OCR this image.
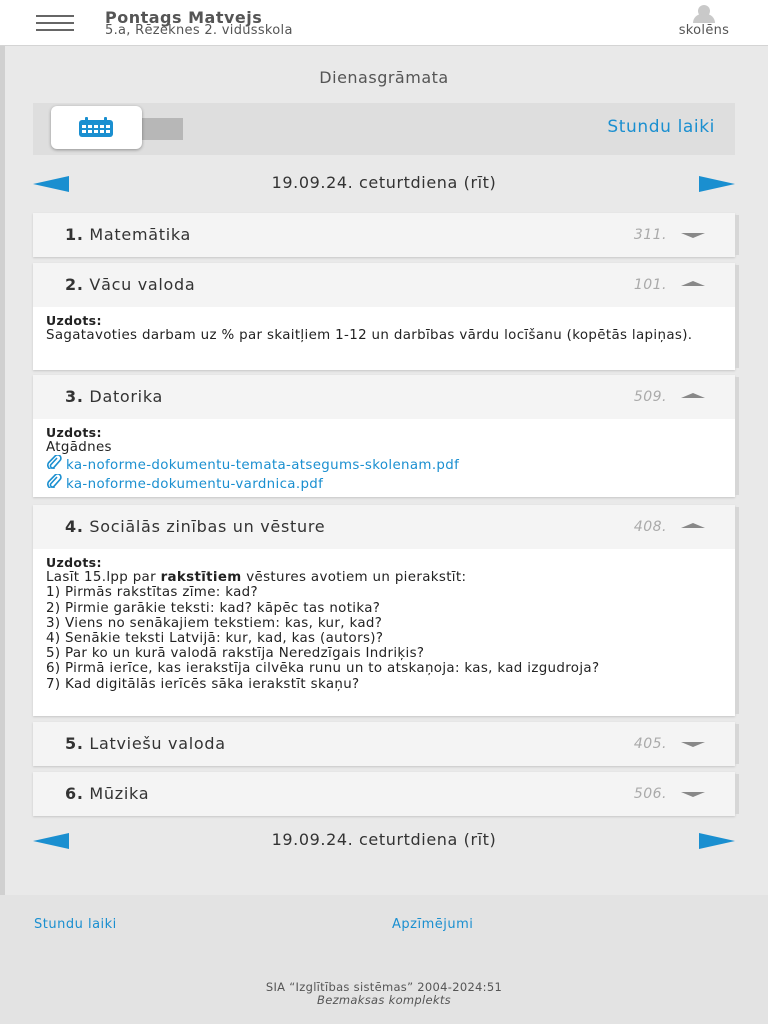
Pontags Matvejs
5.a, Rēzeknes 2. vidusskola	skolēns
Dienasgrāmata
Stundu laiki
19.09.24. ceturtdiena (rīt)
1. Matemātika	311.
2. Vācu valoda	101.
Uzdots:
Sagatavoties darbam uz % par skaitļiem 1-12 un darbības vārdu locīšanu (kopētās lapiņas).
3. Datorika	509.
Uzdots:
Atgādnes
ka-noforme-dokumentu-temata-atsegums-skolenam.pdf
ka-noforme-dokumentu-vardnica.pdf
4. Sociālās zinības un vēsture	408.
Uzdots:
Lasīt 15.lpp par rakstītiem vēstures avotiem un pierakstīt:
1) Pirmās rakstītas zīme: kad?
2) Pirmie garākie teksti: kad? kāpēc tas notika?
3) Viens no senākajiem tekstiem: kas, kur, kad?
4) Senākie teksti Latvijā: kur, kad, kas (autors)?
5) Par ko un kurā valodā rakstīja Neredzīgais Indriķis?
6) Pirmā ierīce, kas ierakstīja cilvēka runu un to atskaņoja: kas, kad izgudroja?
7) Kad digitālās ierīcēs sāka ierakstīt skaņu?
5. Latviešu valoda	405.
6. Mūzika	506.
19.09.24. ceturtdiena (rīt)
Stundu laiki	Apzīmējumi
SIA “Izglītības sistēmas” 2004-2024:51
Bezmaksas komplekts
